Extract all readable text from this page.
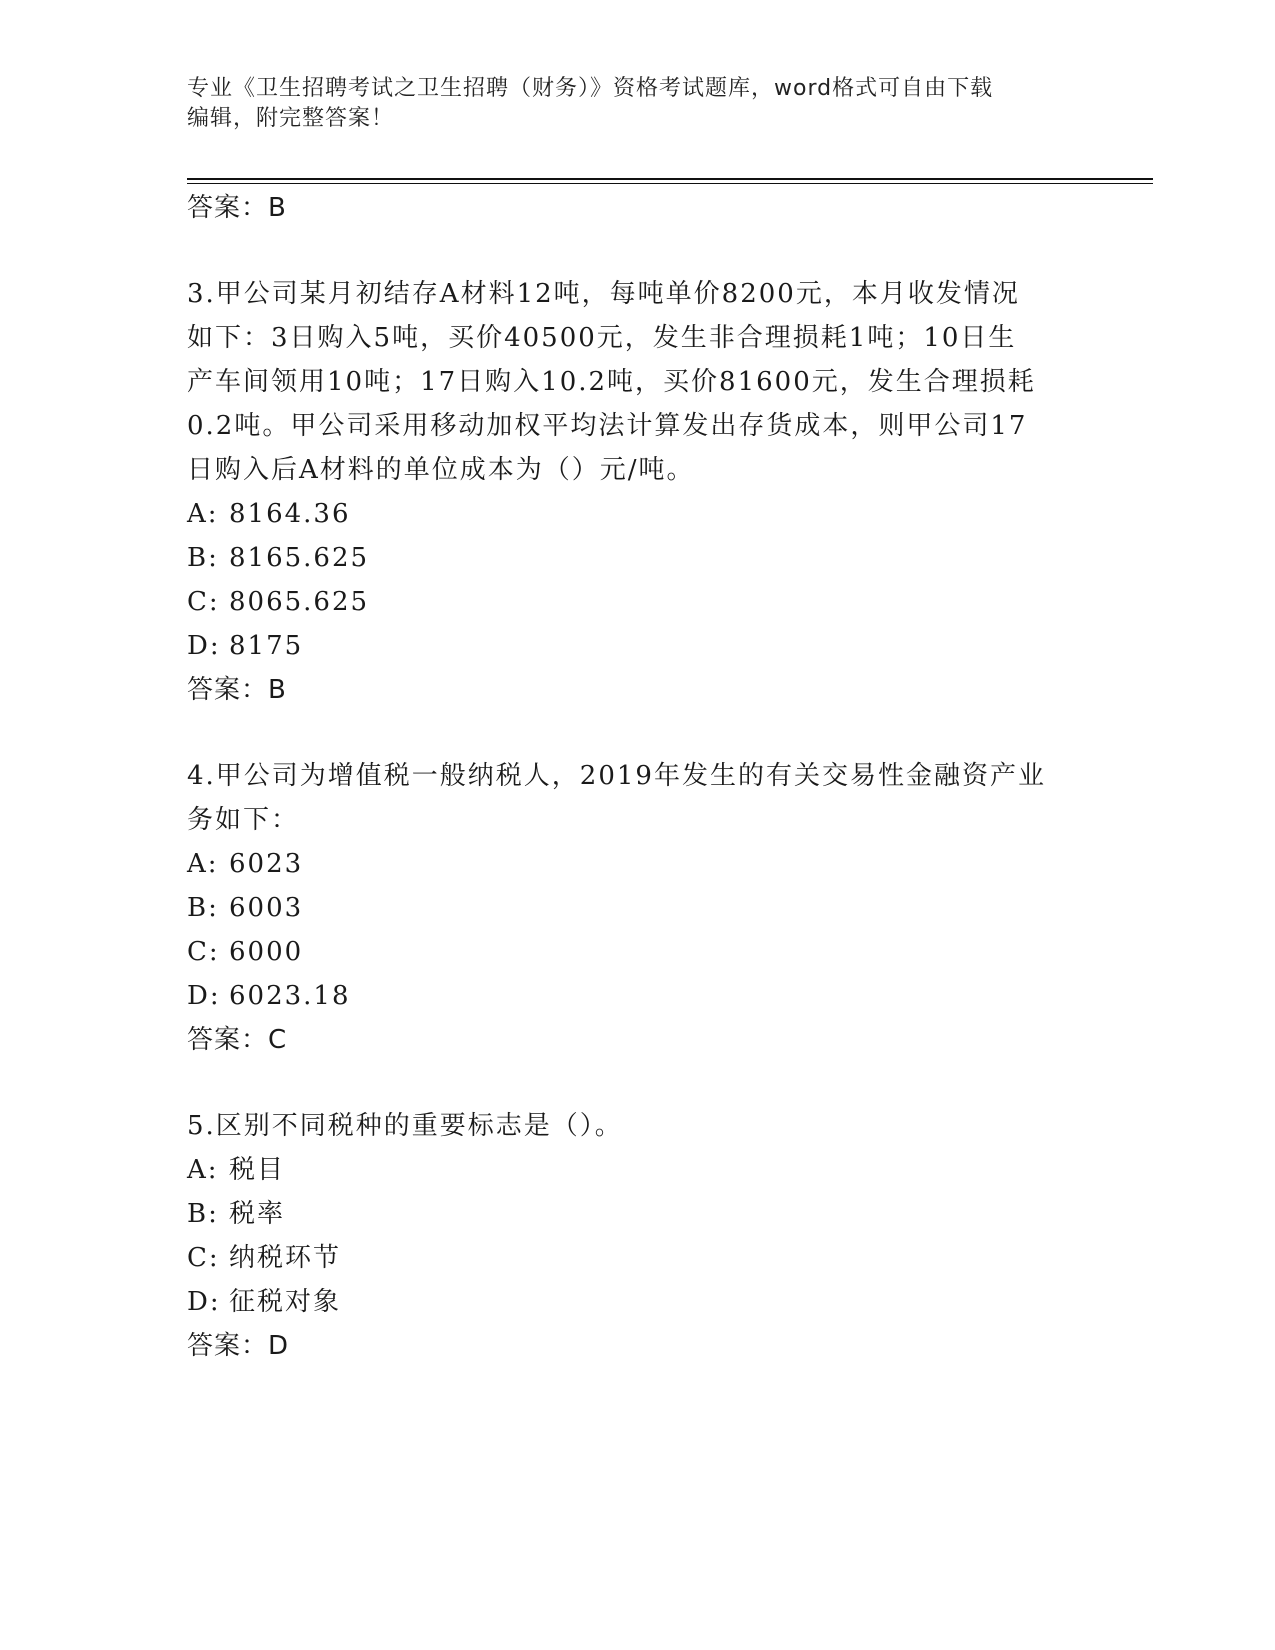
专业《卫生招聘考试之卫生招聘（财务）》资格考试题库，word格式可自由下载
编辑，附完整答案！
答案：B
3.甲公司某月初结存A材料12吨，每吨单价8200元，本月收发情况
如下：3日购入5吨，买价40500元，发生非合理损耗1吨；10日生
产车间领用10吨；17日购入10.2吨，买价81600元，发生合理损耗
0.2吨。甲公司采用移动加权平均法计算发出存货成本，则甲公司17
日购入后A材料的单位成本为（）元/吨。
A: 8164.36
B: 8165.625
C: 8065.625
D: 8175
答案：B
4.甲公司为增值税一般纳税人，2019年发生的有关交易性金融资产业
务如下：
A: 6023
B: 6003
C: 6000
D: 6023.18
答案：C
5.区别不同税种的重要标志是（）。
A: 税目
B: 税率
C: 纳税环节
D: 征税对象
答案：D
